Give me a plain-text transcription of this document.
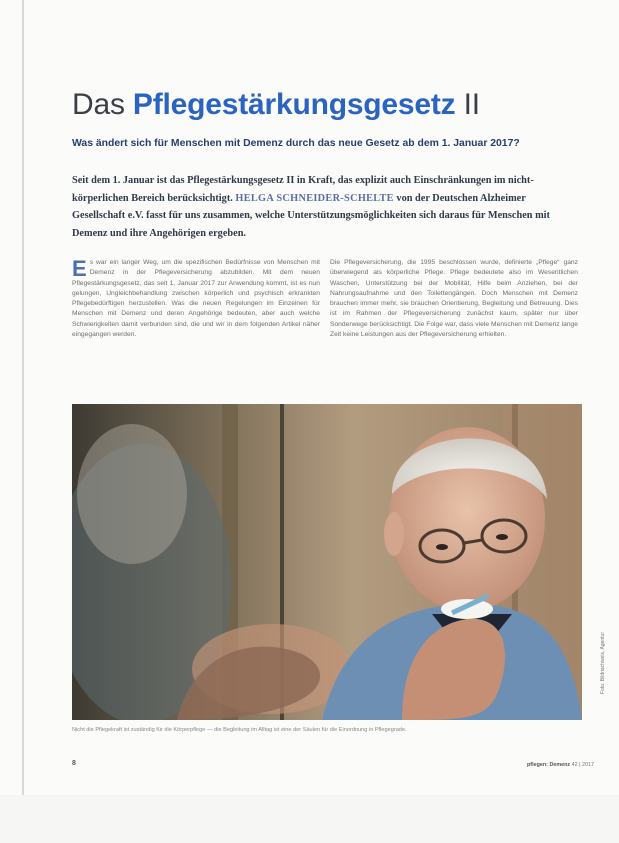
Das Pflegestärkungsgesetz II
Was ändert sich für Menschen mit Demenz durch das neue Gesetz ab dem 1. Januar 2017?
Seit dem 1. Januar ist das Pflegestärkungsgesetz II in Kraft, das explizit auch Einschränkungen im nicht-körperlichen Bereich berücksichtigt. HELGA SCHNEIDER-SCHELTE von der Deutschen Alzheimer Gesellschaft e.V. fasst für uns zusammen, welche Unterstützungsmöglichkeiten sich daraus für Menschen mit Demenz und ihre Angehörigen ergeben.
Es war ein langer Weg, um die spezifischen Bedürfnisse von Menschen mit Demenz in der Pflegeversicherung abzubilden. Mit dem neuen Pflegestärkungsgesetz, das seit 1. Januar 2017 zur Anwendung kommt, ist es nun gelungen, Ungleichbehandlung zwischen körperlich und psychisch erkrankten Pflegebedürftigen herzustellen. Was die neuen Regelungen im Einzelnen für Menschen mit Demenz und deren Angehörige bedeuten, aber auch welche Schwierigkeiten damit verbunden sind, die und wir in dem folgenden Artikel näher eingegangen werden.
Die Pflegeversicherung, die 1995 beschlossen wurde, definierte „Pflege“ ganz überwiegend als körperliche Pflege. Pflege bedeutete also im Wesentlichen Waschen, Unterstützung bei der Mobilität, Hilfe beim Anziehen, bei der Nahrungsaufnahme und den Toilettengängen. Doch Menschen mit Demenz brauchen immer mehr, sie brauchen Orientierung, Begleitung und Betreuung. Dies ist im Rahmen der Pflegeversicherung zunächst kaum, später nur über Sonderwege berücksichtigt. Die Folge war, dass viele Menschen mit Demenz lange Zeit keine Leistungen aus der Pflegeversicherung erhielten.
Foto: Bildnachweis, Agentur
Nicht die Pflegekraft ist zuständig für die Körperpflege — die Begleitung im Alltag ist eine der Säulen für die Einordnung in Pflegegrade.
8	pflegen: Demenz 42 | 2017
